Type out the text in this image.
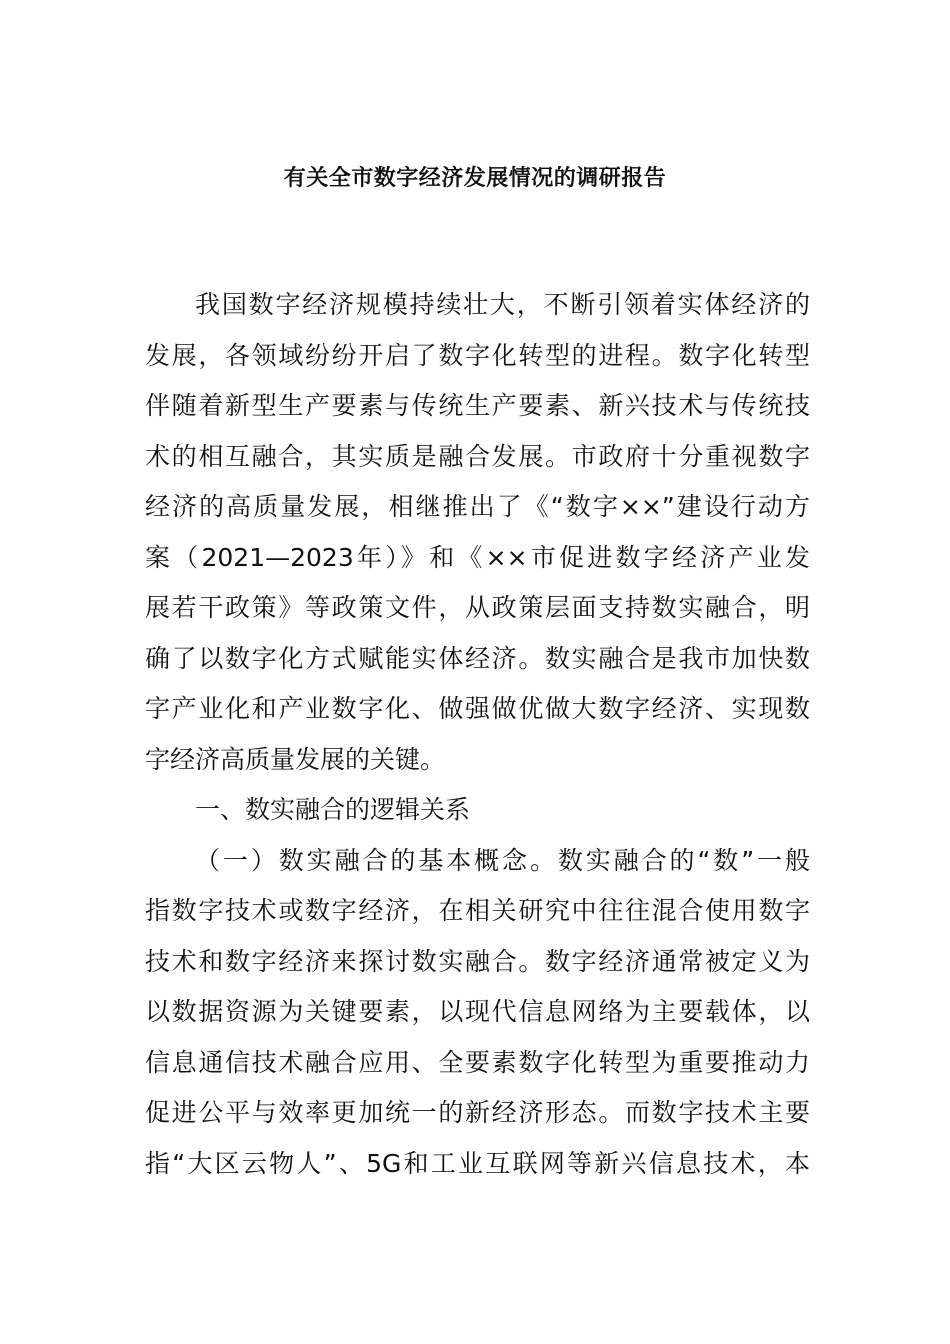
有关全市数字经济发展情况的调研报告
我国数字经济规模持续壮大，不断引领着实体经济的
发展，各领域纷纷开启了数字化转型的进程。数字化转型
伴随着新型生产要素与传统生产要素、新兴技术与传统技
术的相互融合，其实质是融合发展。市政府十分重视数字
经济的高质量发展，相继推出了《“数字××”建设行动方
案（2021—2023年）》和《××市促进数字经济产业发
展若干政策》等政策文件，从政策层面支持数实融合，明
确了以数字化方式赋能实体经济。数实融合是我市加快数
字产业化和产业数字化、做强做优做大数字经济、实现数
字经济高质量发展的关键。
一、数实融合的逻辑关系
（一）数实融合的基本概念。数实融合的“数”一般
指数字技术或数字经济，在相关研究中往往混合使用数字
技术和数字经济来探讨数实融合。数字经济通常被定义为
以数据资源为关键要素，以现代信息网络为主要载体，以
信息通信技术融合应用、全要素数字化转型为重要推动力
促进公平与效率更加统一的新经济形态。而数字技术主要
指“大区云物人”、5G和工业互联网等新兴信息技术，本
